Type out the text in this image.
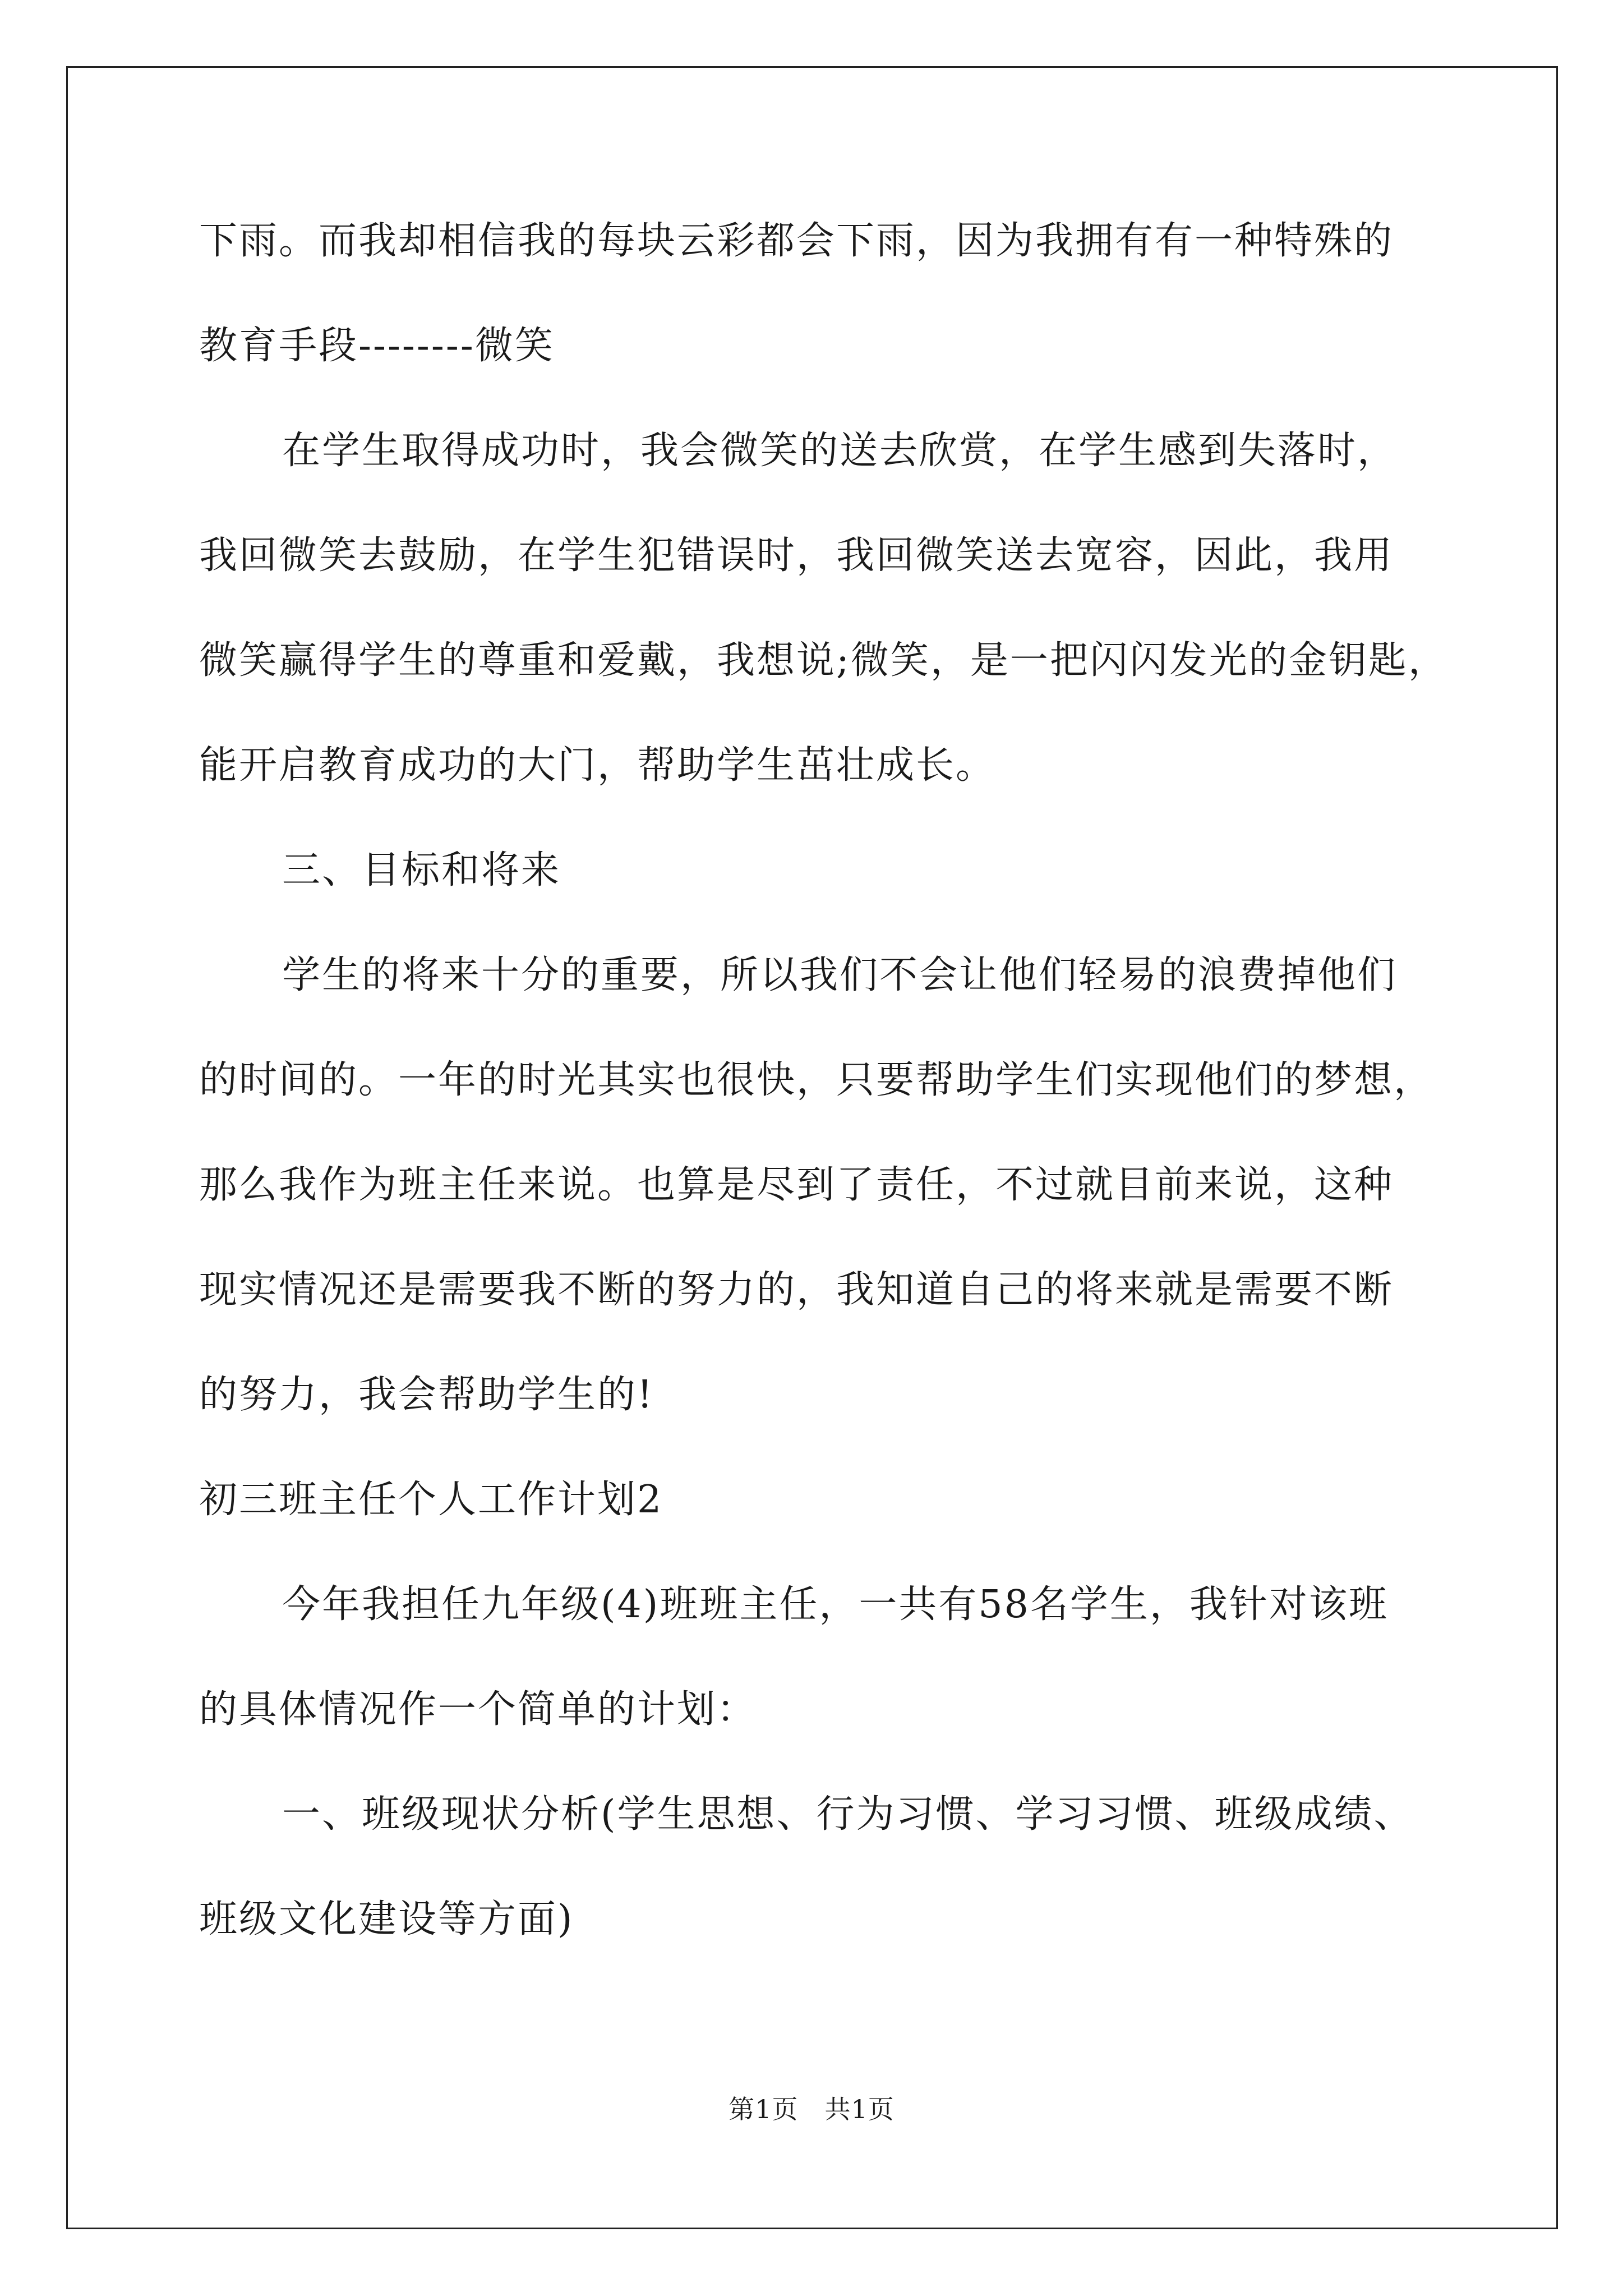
下雨。而我却相信我的每块云彩都会下雨，因为我拥有有一种特殊的
教育手段--------微笑
在学生取得成功时，我会微笑的送去欣赏，在学生感到失落时，
我回微笑去鼓励，在学生犯错误时，我回微笑送去宽容，因此，我用
微笑赢得学生的尊重和爱戴，我想说;微笑，是一把闪闪发光的金钥匙，
能开启教育成功的大门，帮助学生茁壮成长。
三、目标和将来
学生的将来十分的重要，所以我们不会让他们轻易的浪费掉他们
的时间的。一年的时光其实也很快，只要帮助学生们实现他们的梦想，
那么我作为班主任来说。也算是尽到了责任，不过就目前来说，这种
现实情况还是需要我不断的努力的，我知道自己的将来就是需要不断
的努力，我会帮助学生的!
初三班主任个人工作计划2
今年我担任九年级(4)班班主任，一共有58名学生，我针对该班
的具体情况作一个简单的计划：
一、班级现状分析(学生思想、行为习惯、学习习惯、班级成绩、
班级文化建设等方面)
第1页　共1页
